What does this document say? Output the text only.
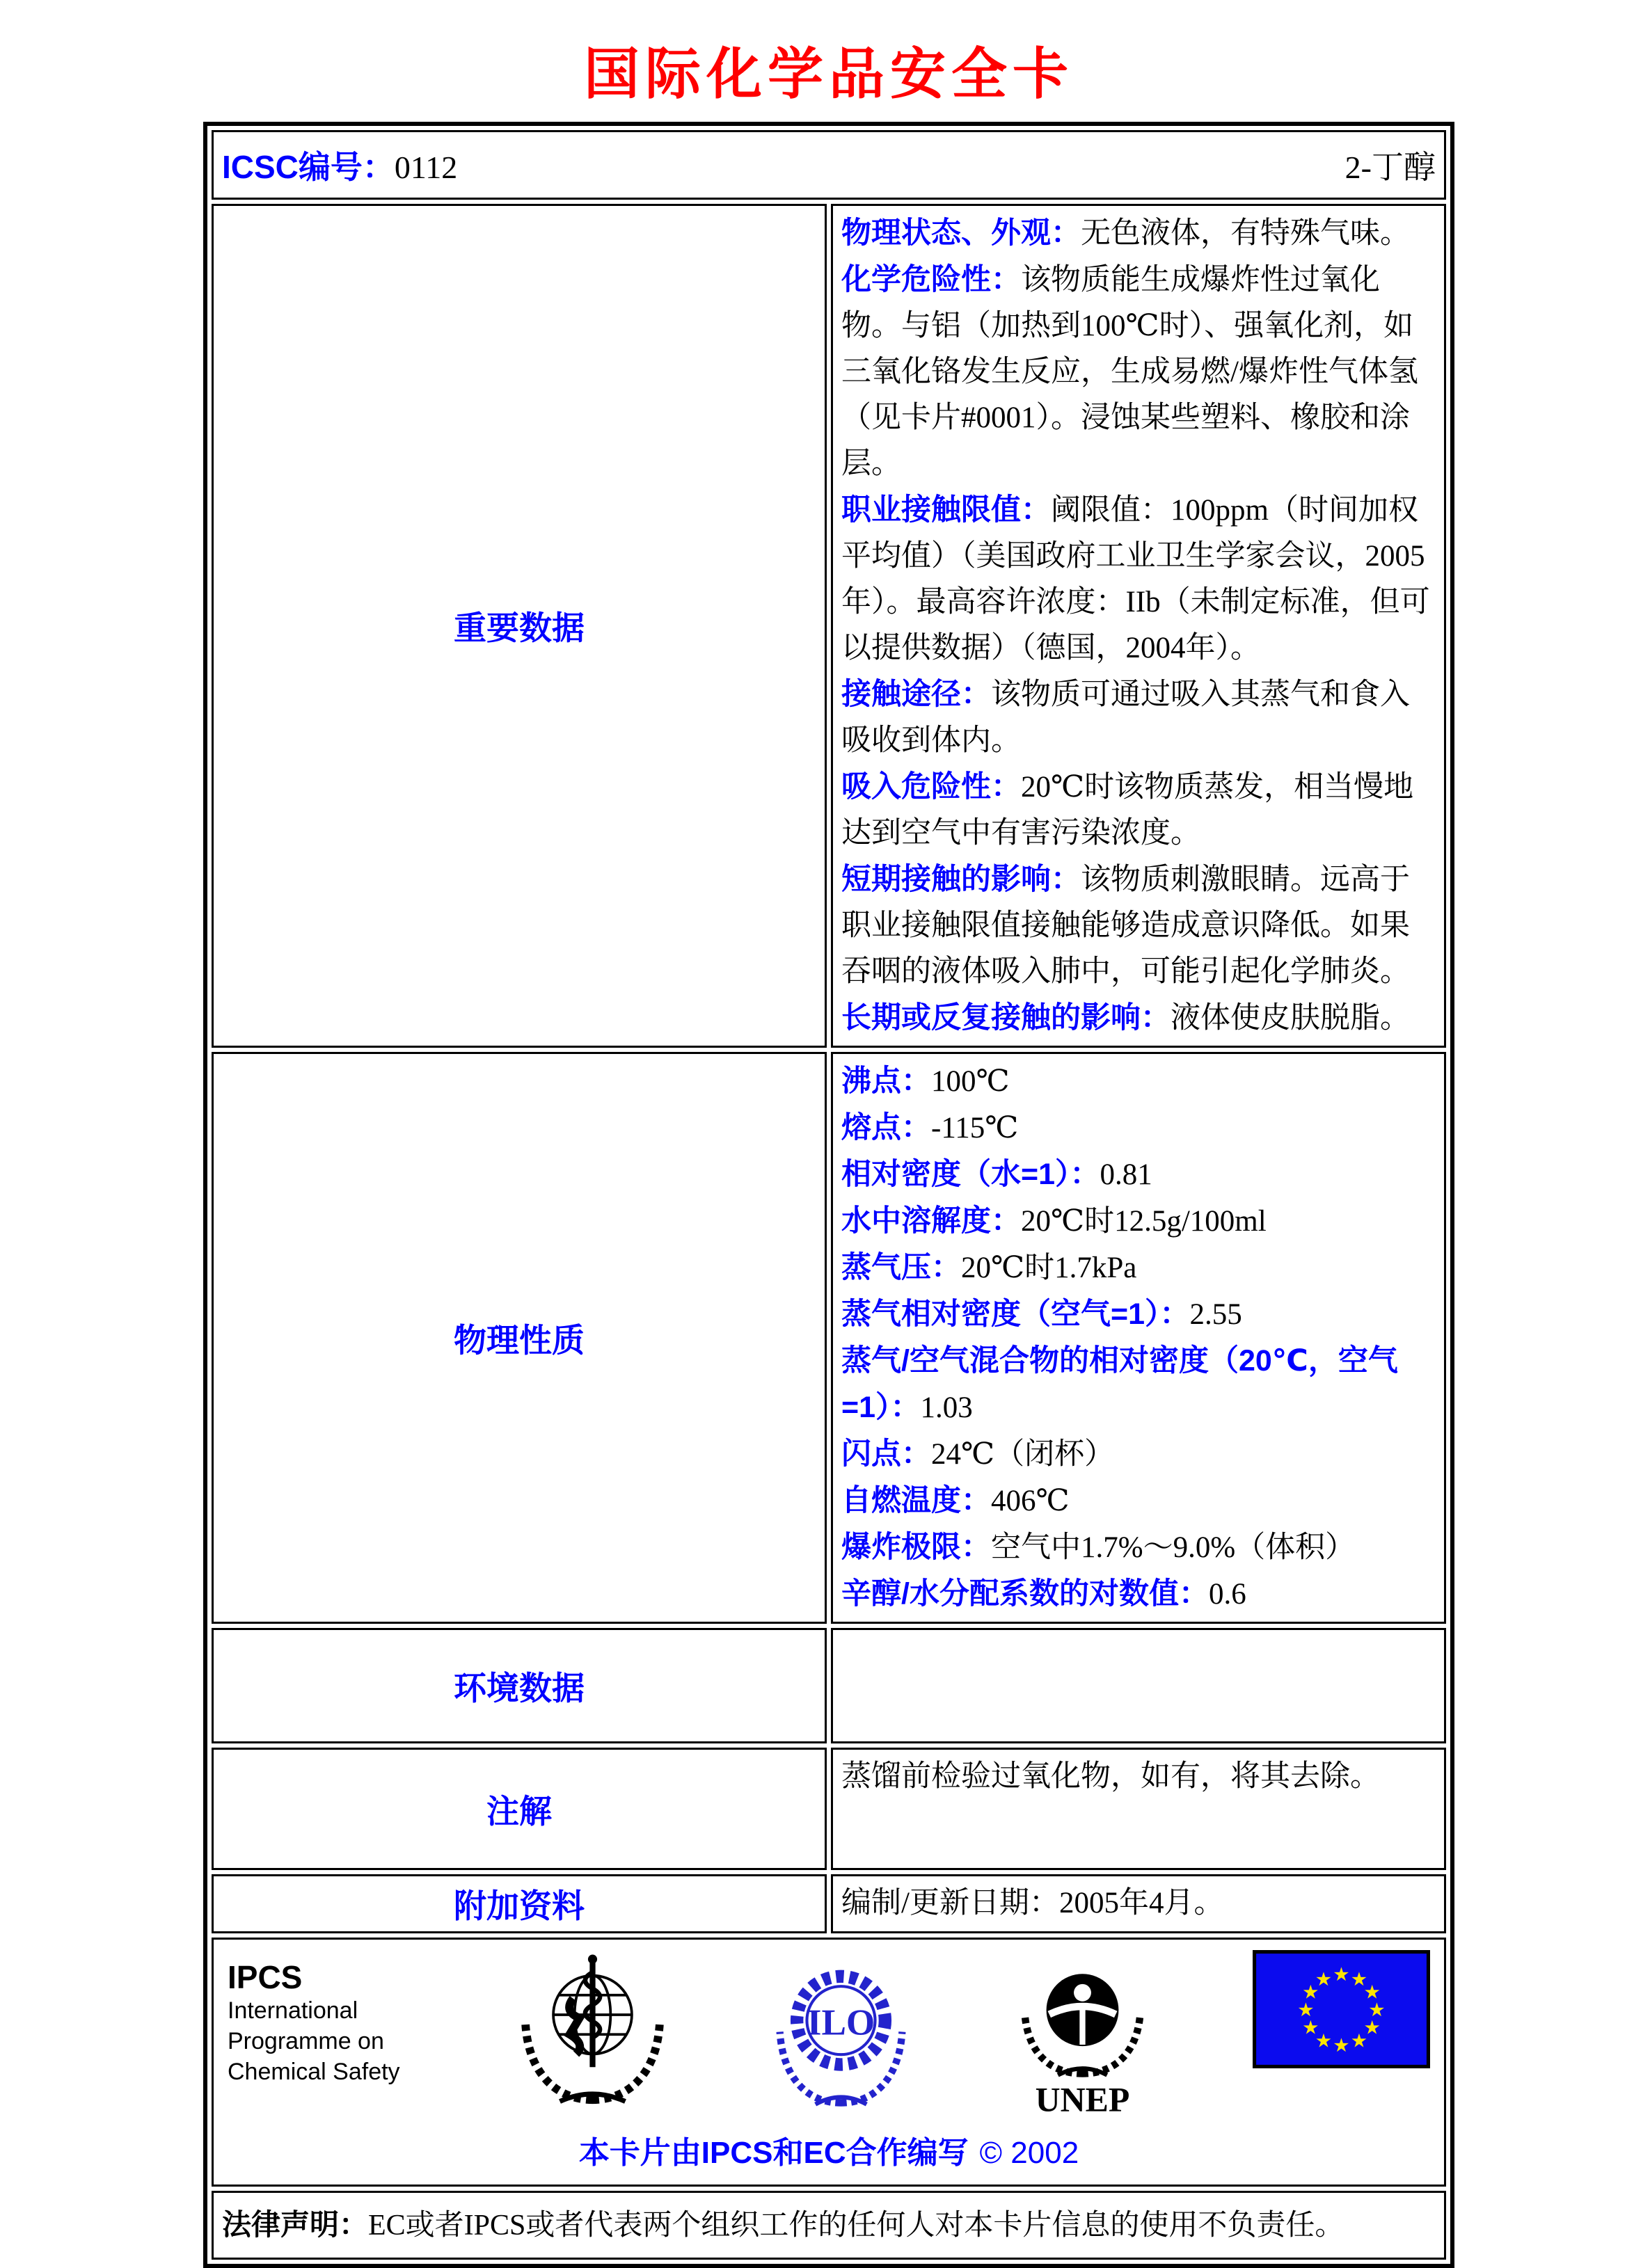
国际化学品安全卡
ICSC编号：0112 2-丁醇	

重要数据	
物理状态、外观：无色液体，有特殊气味。
化学危险性：该物质能生成爆炸性过氧化物。与铝（加热到100℃时）、强氧化剂，如三氧化铬发生反应，生成易燃/爆炸性气体氢（见卡片#0001）。浸蚀某些塑料、橡胶和涂层。
职业接触限值：阈限值：100ppm（时间加权平均值）（美国政府工业卫生学家会议，2005年）。最高容许浓度：IIb（未制定标准，但可以提供数据）（德国，2004年）。
接触途径：该物质可通过吸入其蒸气和食入吸收到体内。
吸入危险性：20℃时该物质蒸发，相当慢地达到空气中有害污染浓度。
短期接触的影响：该物质刺激眼睛。远高于职业接触限值接触能够造成意识降低。如果吞咽的液体吸入肺中，可能引起化学肺炎。
长期或反复接触的影响：液体使皮肤脱脂。

物理性质	
沸点：100℃
熔点：-115℃
相对密度（水=1）：0.81
水中溶解度：20℃时12.5g/100ml
蒸气压：20℃时1.7kPa
蒸气相对密度（空气=1）：2.55
蒸气/空气混合物的相对密度（20℃，空气=1）：1.03
闪点：24℃（闭杯）
自燃温度：406℃
爆炸极限：空气中1.7%～9.0%（体积）
辛醇/水分配系数的对数值：0.6

环境数据	

注解	蒸馏前检验过氧化物，如有，将其去除。

附加资料	编制/更新日期：2005年4月。

IPCS
International
Programme on
Chemical Safety
ILO
UNEP
★ ★
★
★
★
★
★
★
★
★
★
★
本卡片由IPCS和EC合作编写 © 2002

法律声明：EC或者IPCS或者代表两个组织工作的任何人对本卡片信息的使用不负责任。	
